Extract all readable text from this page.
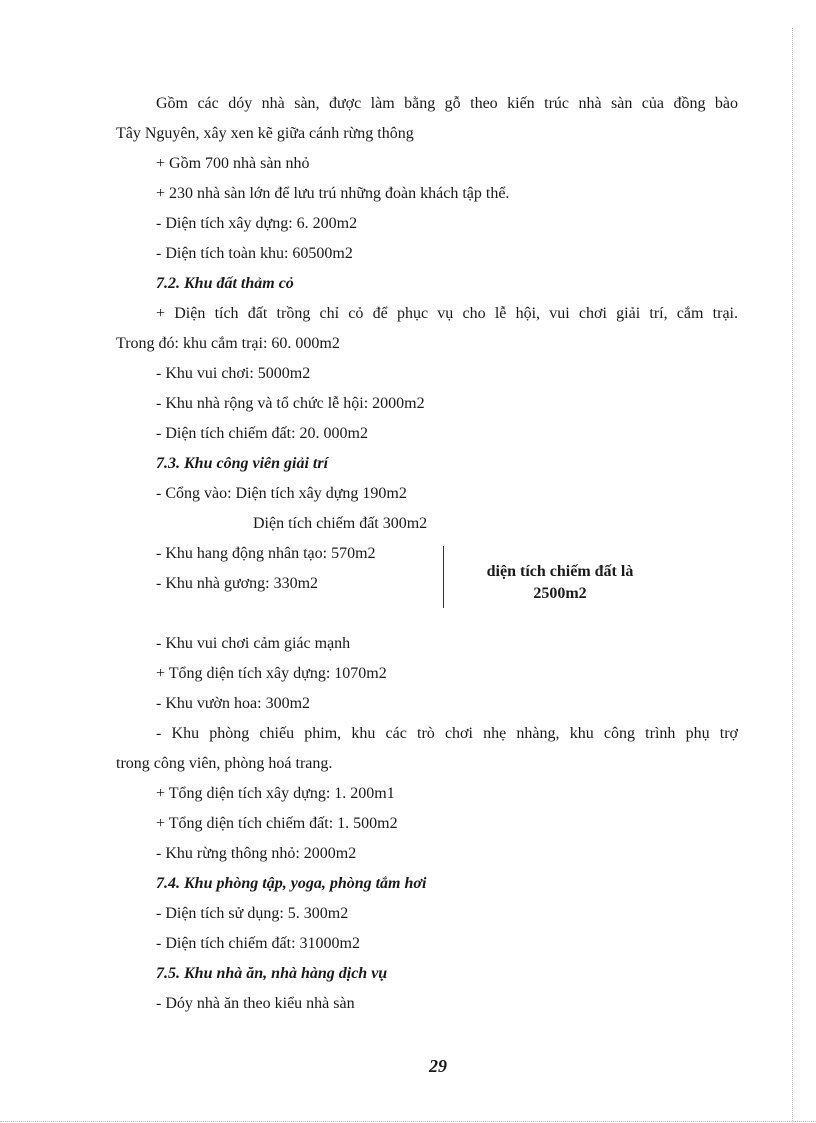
Gồm các dóy nhà sàn, được làm bằng gỗ theo kiến trúc nhà sàn của đồng bào
Tây Nguyên, xây xen kẽ giữa cánh rừng thông
+ Gồm 700 nhà sàn nhỏ
+ 230 nhà sàn lớn để lưu trú những đoàn khách tập thể.
- Diện tích xây dựng: 6. 200m2
- Diện tích toàn khu: 60500m2
7.2. Khu đất thảm cỏ
+ Diện tích đất trồng chỉ cỏ để phục vụ cho lễ hội, vui chơi giải trí, cắm trại.
Trong đó: khu cắm trại: 60. 000m2
- Khu vui chơi: 5000m2
- Khu nhà rộng và tổ chức lễ hội: 2000m2
- Diện tích chiếm đất: 20. 000m2
7.3. Khu công viên giải trí
- Cổng vào: Diện tích xây dựng 190m2
Diện tích chiếm đất 300m2
- Khu hang động nhân tạo: 570m2
- Khu nhà gương: 330m2
diện tích chiếm đất là
2500m2
- Khu vui chơi cảm giác mạnh
+ Tổng diện tích xây dựng: 1070m2
- Khu vườn hoa: 300m2
- Khu phòng chiếu phim, khu các trò chơi nhẹ nhàng, khu công trình phụ trợ
trong công viên, phòng hoá trang.
+ Tổng diện tích xây dựng: 1. 200m1
+ Tổng diện tích chiếm đất: 1. 500m2
- Khu rừng thông nhỏ: 2000m2
7.4. Khu phòng tập, yoga, phòng tắm hơi
- Diện tích sử dụng: 5. 300m2
- Diện tích chiếm đất: 31000m2
7.5. Khu nhà ăn, nhà hàng dịch vụ
- Dóy nhà ăn theo kiểu nhà sàn
29
